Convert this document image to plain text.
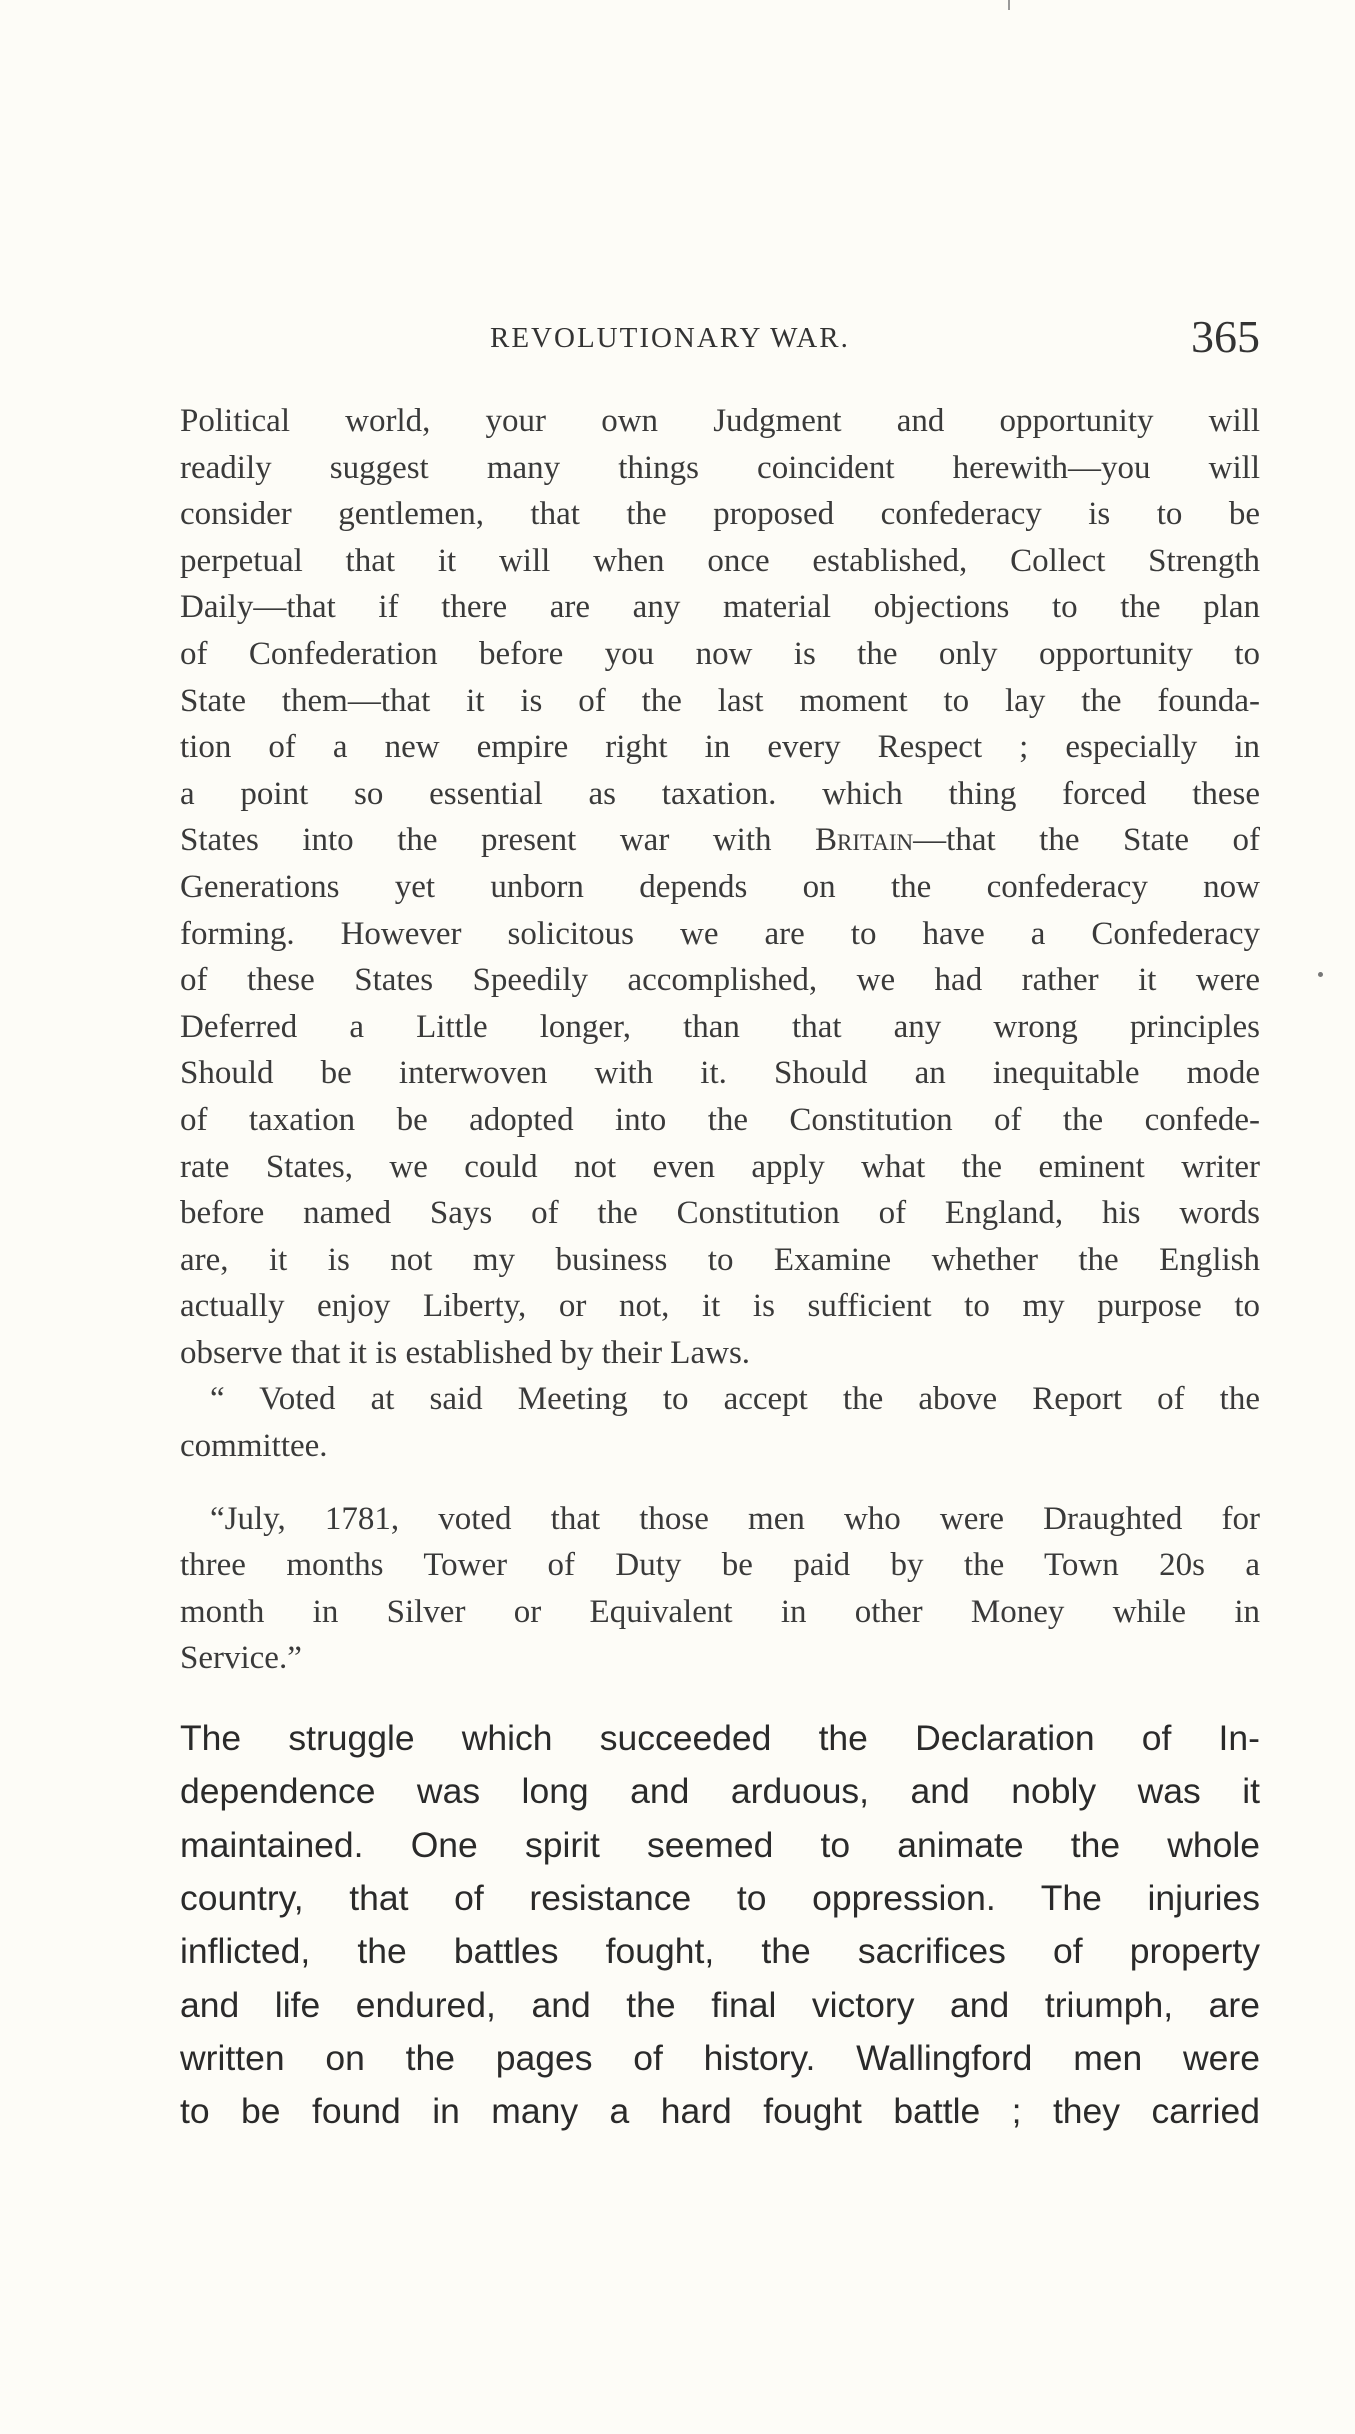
REVOLUTIONARY WAR.	365
Political world, your own Judgment and opportunity will
readily suggest many things coincident herewith—you will
consider gentlemen, that the proposed confederacy is to be
perpetual that it will when once established, Collect Strength
Daily—that if there are any material objections to the plan
of Confederation before you now is the only opportunity to
State them—that it is of the last moment to lay the founda-
tion of a new empire right in every Respect ; especially in
a point so essential as taxation. which thing forced these
States into the present war with Britain—that the State of
Generations yet unborn depends on the confederacy now
forming. However solicitous we are to have a Confederacy
of these States Speedily accomplished, we had rather it were
Deferred a Little longer, than that any wrong principles
Should be interwoven with it. Should an inequitable mode
of taxation be adopted into the Constitution of the confede-
rate States, we could not even apply what the eminent writer
before named Says of the Constitution of England, his words
are, it is not my business to Examine whether the English
actually enjoy Liberty, or not, it is sufficient to my purpose to
observe that it is established by their Laws.
“ Voted at said Meeting to accept the above Report of the
committee.
“July, 1781, voted that those men who were Draughted for
three months Tower of Duty be paid by the Town 20s a
month in Silver or Equivalent in other Money while in
Service.”
The struggle which succeeded the Declaration of In-
dependence was long and arduous, and nobly was it
maintained. One spirit seemed to animate the whole
country, that of resistance to oppression. The injuries
inflicted, the battles fought, the sacrifices of property
and life endured, and the final victory and triumph, are
written on the pages of history. Wallingford men were
to be found in many a hard fought battle ; they carried
